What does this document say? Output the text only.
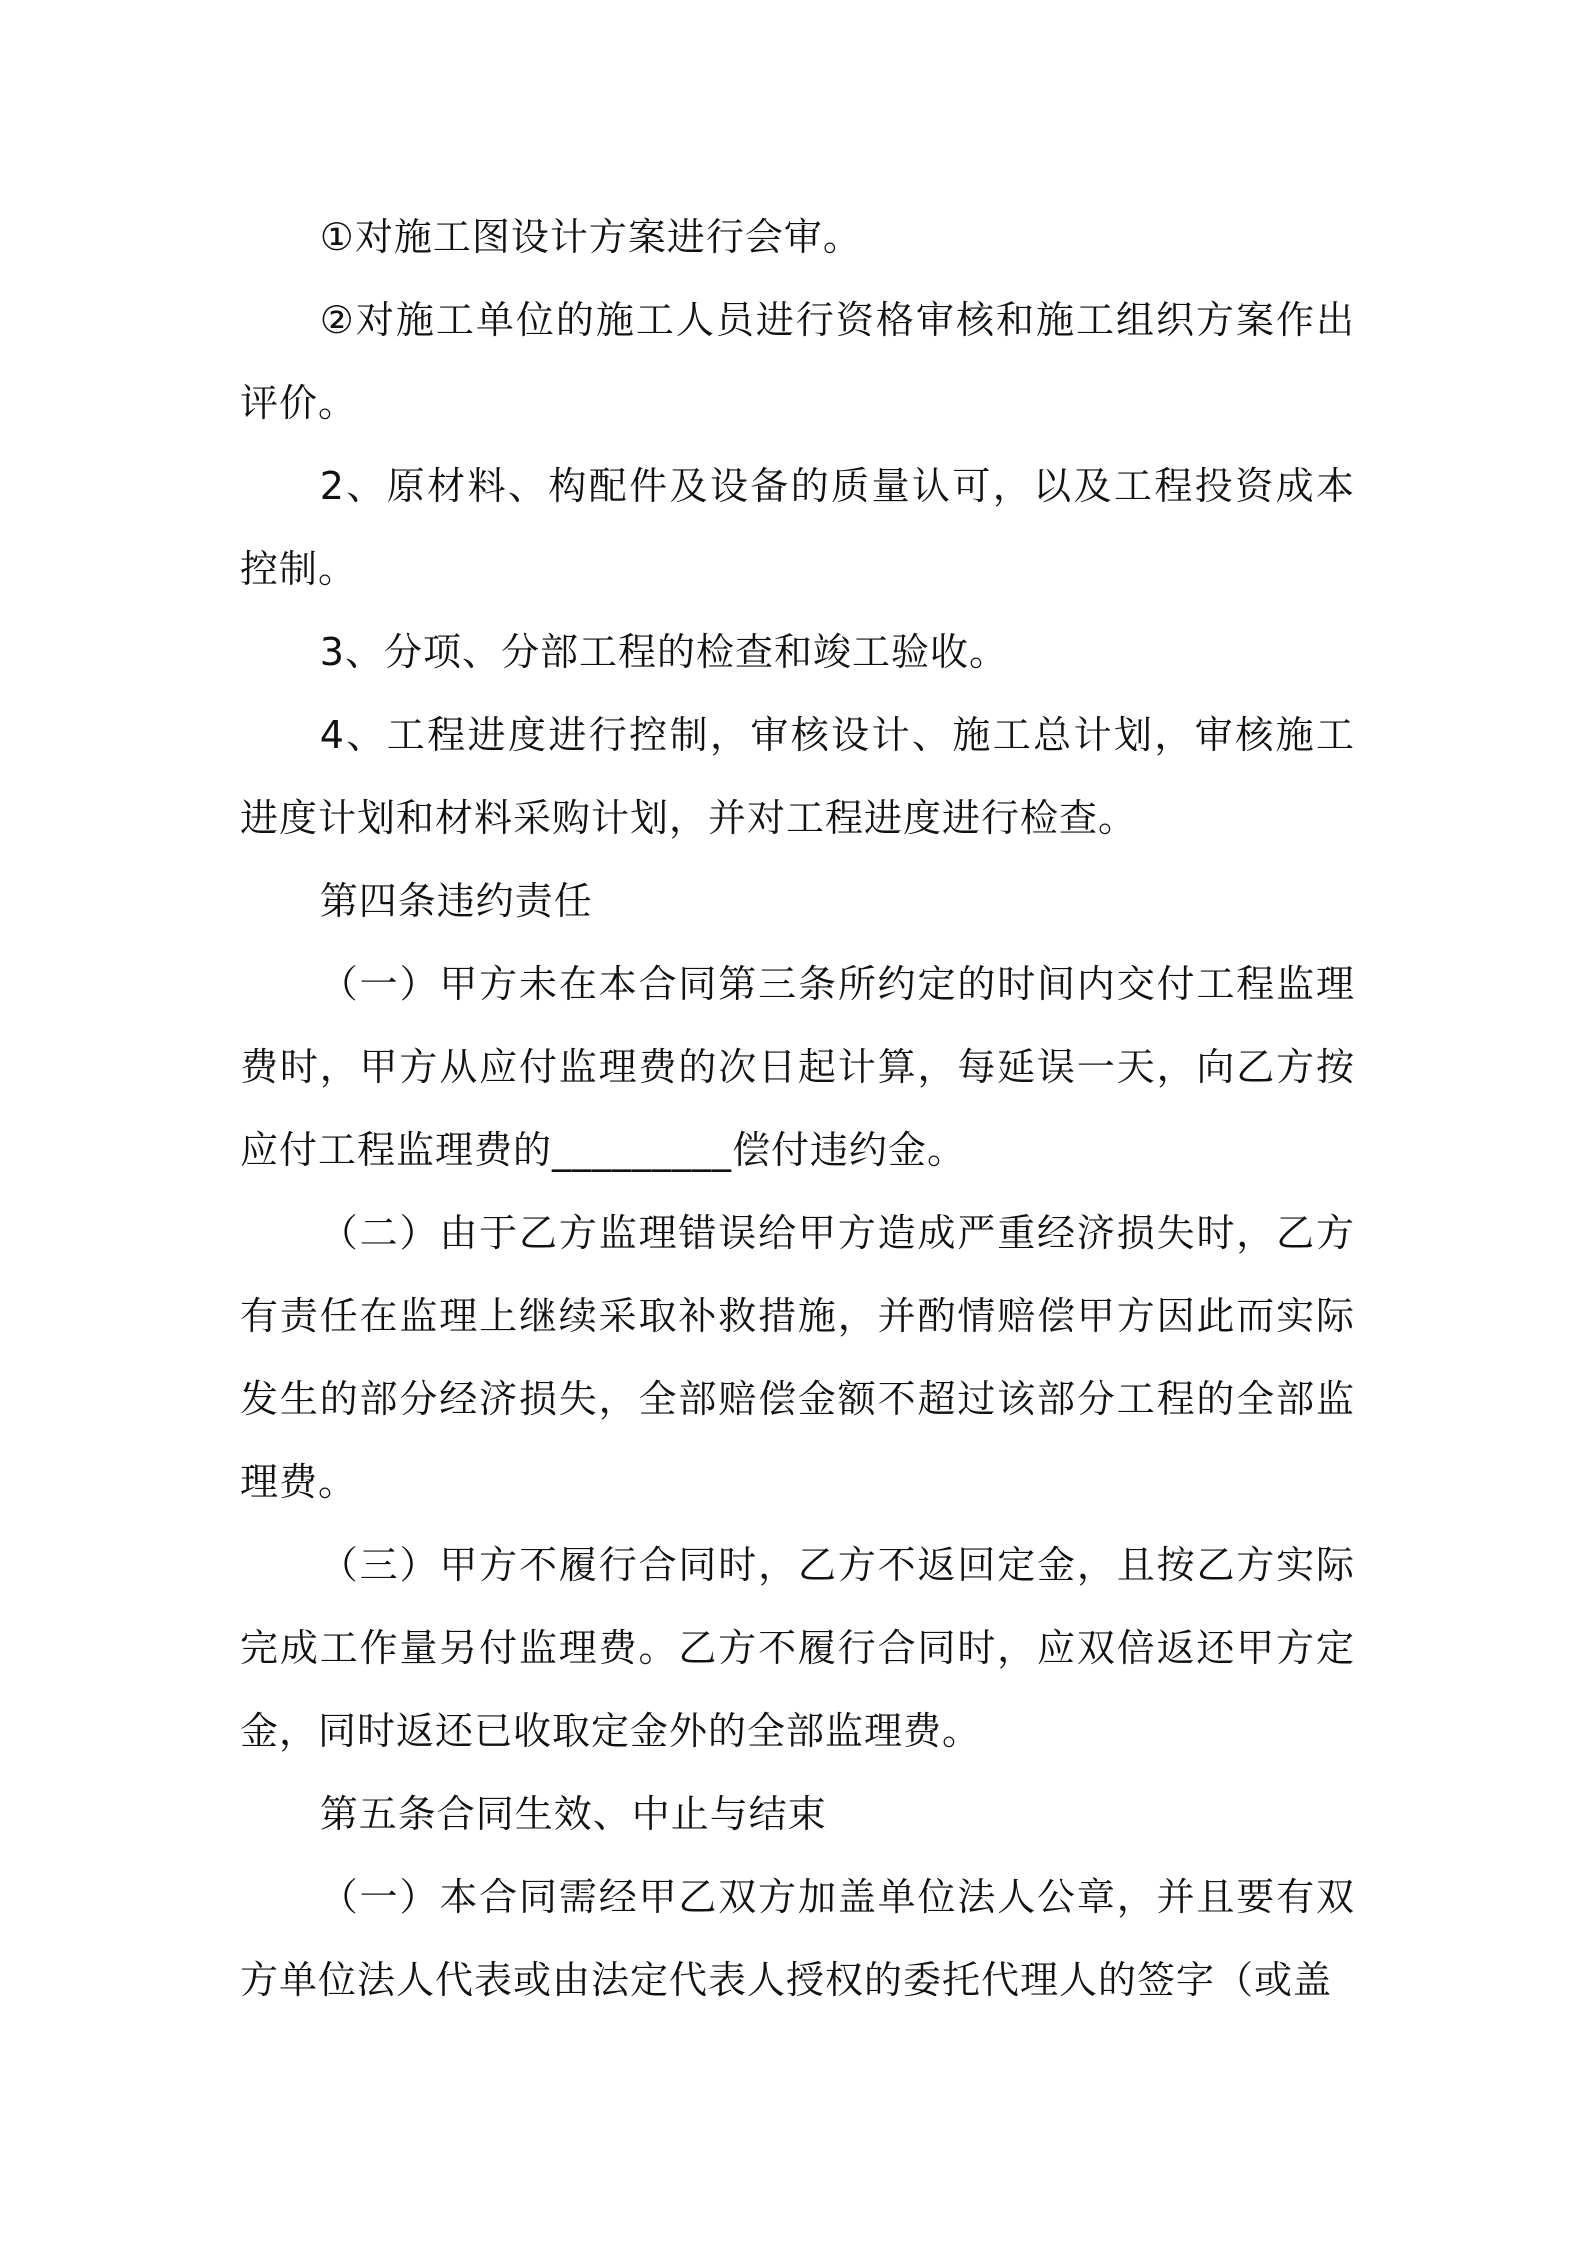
①对施工图设计方案进行会审。

②对施工单位的施工人员进行资格审核和施工组织方案作出评价。

2、原材料、构配件及设备的质量认可，以及工程投资成本控制。

3、分项、分部工程的检查和竣工验收。

4、工程进度进行控制，审核设计、施工总计划，审核施工进度计划和材料采购计划，并对工程进度进行检查。

第四条违约责任

（一）甲方未在本合同第三条所约定的时间内交付工程监理费时，甲方从应付监理费的次日起计算，每延误一天，向乙方按应付工程监理费的_________偿付违约金。

（二）由于乙方监理错误给甲方造成严重经济损失时，乙方有责任在监理上继续采取补救措施，并酌情赔偿甲方因此而实际发生的部分经济损失，全部赔偿金额不超过该部分工程的全部监理费。

（三）甲方不履行合同时，乙方不返回定金，且按乙方实际完成工作量另付监理费。乙方不履行合同时，应双倍返还甲方定金，同时返还已收取定金外的全部监理费。

第五条合同生效、中止与结束

（一）本合同需经甲乙双方加盖单位法人公章，并且要有双方单位法人代表或由法定代表人授权的委托代理人的签字（或盖
